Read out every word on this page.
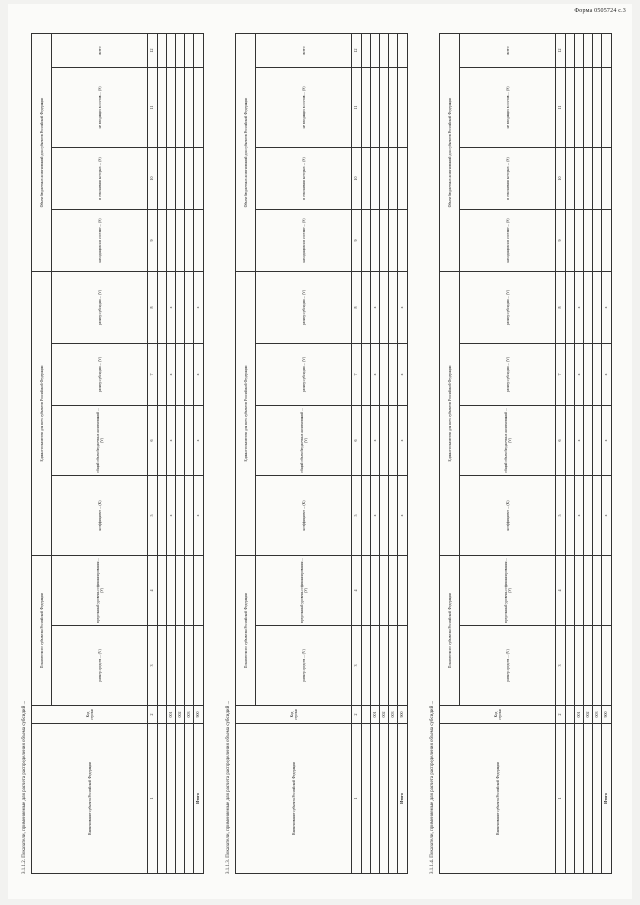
Форма 0505724 с.3
3.1.1.2. Показатели, применяемые для расчета распределения объема субсидий ...	Наименование субъекта Российской Федерации	Код строки	Показатели по субъектам Российской Федерации		Единые показатели для всех субъектов Российской Федерации				Объем бюджетных ассигнований для субъектов Российской Федерации			
		размер средств ... (V)	предельный уровень софинансирования ... (У)	коэффициент ... (K)	общий объем бюджетных ассигнований ... (V)	размер субсидии ... (V)	размер субсидии ... (V)	находящихся в составе ... (S)	в отношении которых ... (S)	не входящих в состав ... (S)	всего
1	2	3	4	5	6	7	8	9	10	11	12

	001			x	x	x	x				
	002										
	003										
Итого	900			x	x	x	x				
3.1.1.3. Показатели, применяемые для расчета распределения объема субсидий ...	Наименование субъекта Российской Федерации	Код строки	Показатели по субъектам Российской Федерации		Единые показатели для всех субъектов Российской Федерации				Объем бюджетных ассигнований для субъектов Российской Федерации			
		размер средств ... (V)	предельный уровень софинансирования ... (У)	коэффициент ... (K)	общий объем бюджетных ассигнований ... (V)	размер субсидии ... (V)	размер субсидии ... (V)	находящихся в составе ... (S)	в отношении которых ... (S)	не входящих в состав ... (S)	всего
1	2	3	4	5	6	7	8	9	10	11	12

	001			x	x	x	x				
	002										
	003										
Итого	900			x	x	x	x				
3.1.1.4. Показатели, применяемые для расчета распределения объема субсидий ...	Наименование субъекта Российской Федерации	Код строки	Показатели по субъектам Российской Федерации		Единые показатели для всех субъектов Российской Федерации				Объем бюджетных ассигнований для субъектов Российской Федерации			
		размер средств ... (V)	предельный уровень софинансирования ... (У)	коэффициент ... (K)	общий объем бюджетных ассигнований ... (V)	размер субсидии ... (V)	размер субсидии ... (V)	находящихся в составе ... (S)	в отношении которых ... (S)	не входящих в состав ... (S)	всего
1	2	3	4	5	6	7	8	9	10	11	12

	001			x	x	x	x				
	002										
	003										
Итого	900			x	x	x	x				
